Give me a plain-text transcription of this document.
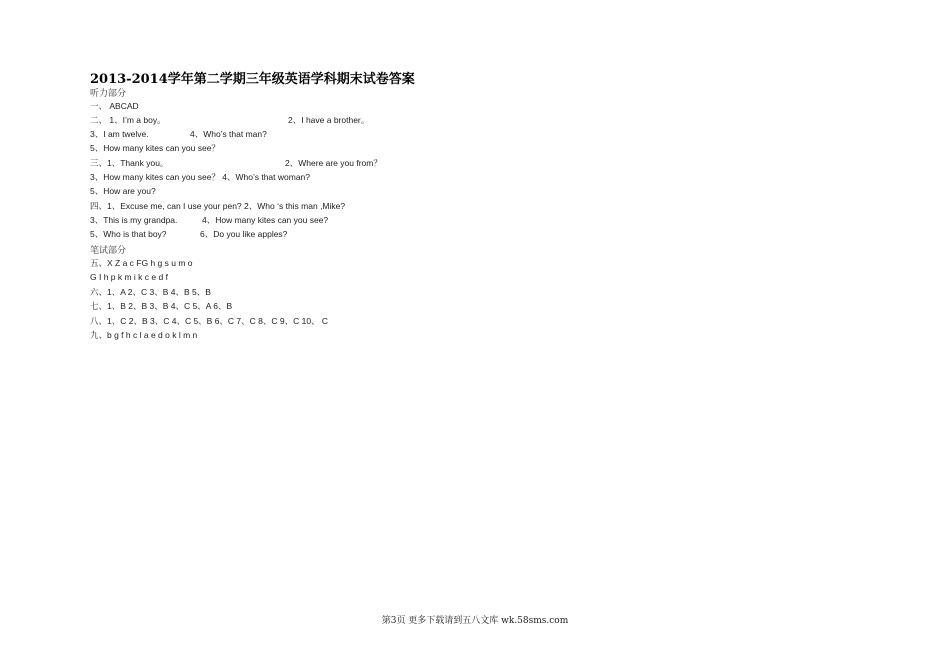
2013-2014学年第二学期三年级英语学科期末试卷答案
听力部分
一、 ABCAD
二、 1、I’m a boy。	2、I have a brother。
3、I am twelve.	4、Who’s that man?
5、How many kites can you see？
三、1、Thank you。	2、Where are you from？
3、How many kites can you see？ 4、Who’s that woman?
5、How are you?
四、1、Excuse me, can I use your pen? 2、Who ‘s this man ,Mike?
3、This is my grandpa.	4、How many kites can you see?
5、Who is that boy?	6、Do you like apples?
笔试部分
五、X Z a c FG h g s u m o
G I h p k m i k c e d f
六、1、A 2、C 3、B 4、B 5、B
七、1、B 2、B 3、B 4、C 5、A 6、B
八、1、C 2、B 3、C 4、C 5、B 6、C 7、C 8、C 9、C 10、 C
九、b g f h c l a e d o k l m n
第3页 更多下载请到五八文库 wk.58sms.com
